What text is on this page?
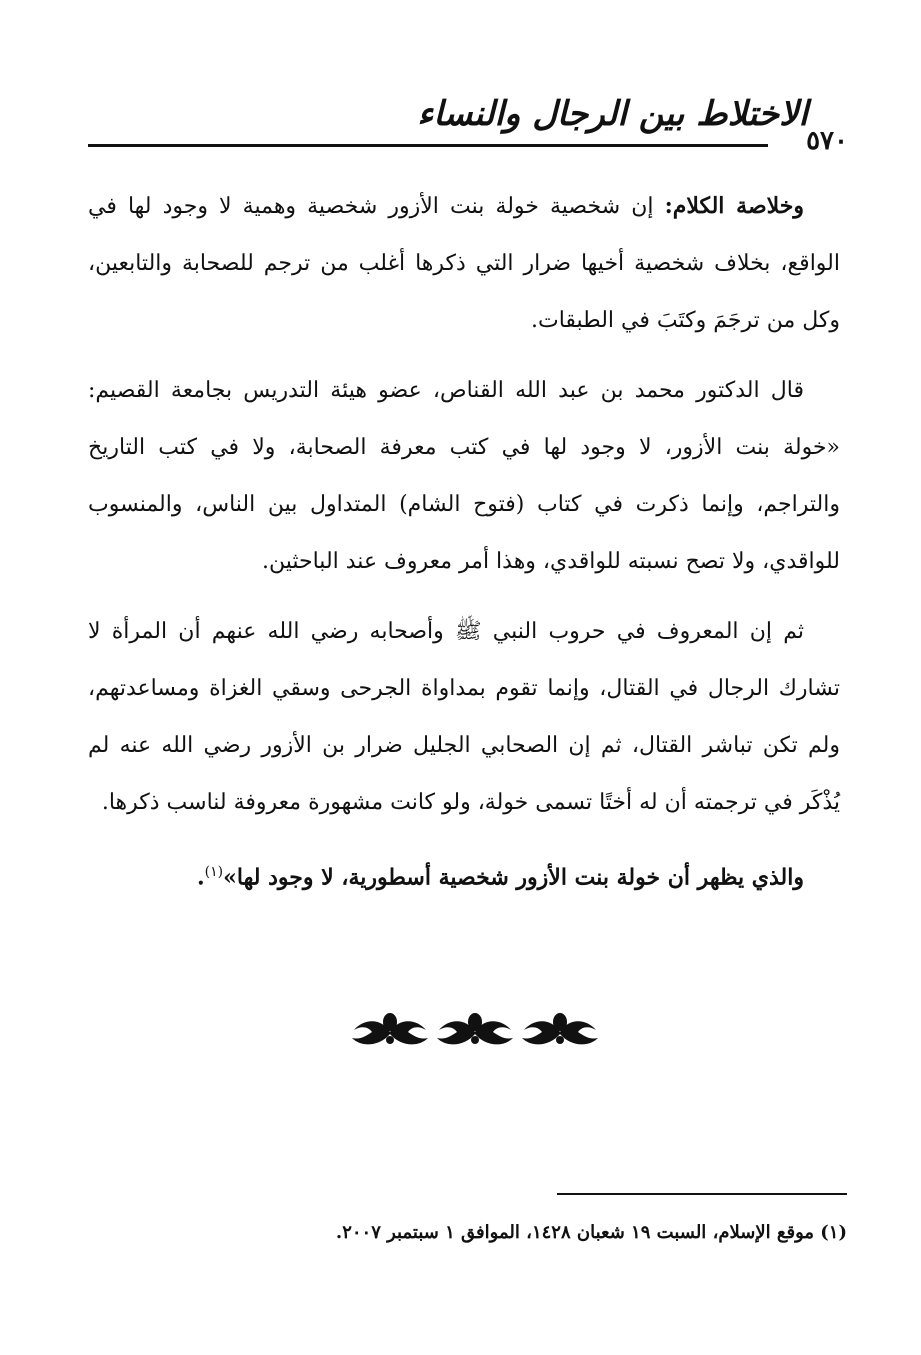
الاختلاط بين الرجال والنساء
٥٧٠

وخلاصة الكلام: إن شخصية خولة بنت الأزور شخصية وهمية لا وجود لها في الواقع، بخلاف شخصية أخيها ضرار التي ذكرها أغلب من ترجم للصحابة والتابعين، وكل من ترجَمَ وكتَبَ في الطبقات.

قال الدكتور محمد بن عبد الله القناص، عضو هيئة التدريس بجامعة القصيم: «خولة بنت الأزور، لا وجود لها في كتب معرفة الصحابة، ولا في كتب التاريخ والتراجم، وإنما ذكرت في كتاب (فتوح الشام) المتداول بين الناس، والمنسوب للواقدي، ولا تصح نسبته للواقدي، وهذا أمر معروف عند الباحثين.

ثم إن المعروف في حروب النبي ﷺ وأصحابه رضي الله عنهم أن المرأة لا تشارك الرجال في القتال، وإنما تقوم بمداواة الجرحى وسقي الغزاة ومساعدتهم، ولم تكن تباشر القتال، ثم إن الصحابي الجليل ضرار بن الأزور رضي الله عنه لم يُذْكَر في ترجمته أن له أختًا تسمى خولة، ولو كانت مشهورة معروفة لناسب ذكرها.

والذي يظهر أن خولة بنت الأزور شخصية أسطورية، لا وجود لها»$^{(١)}$.

(١) موقع الإسلام، السبت ١٩ شعبان ١٤٢٨، الموافق ١ سبتمبر ٢٠٠٧.
